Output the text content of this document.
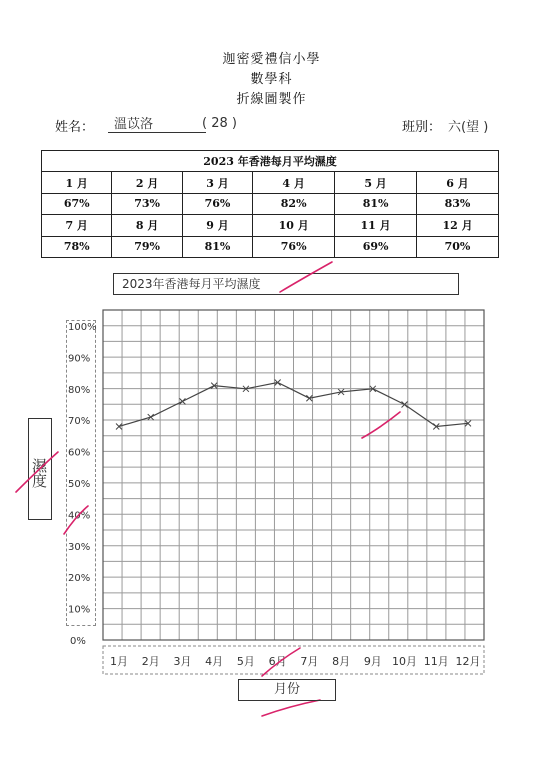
迦密愛禮信小學
數學科
折線圖製作
姓名：	溫苡洛	( 28 )	班別： 六(望 )
2023 年香港每月平均濕度					
1 月	2 月	3 月	4 月	5 月	6 月
67%	73%	76%	82%	81%	83%
7 月	8 月	9 月	10 月	11 月	12 月
78%	79%	81%	76%	69%	70%
2023年香港每月平均濕度
濕度
0%
10%
20%
30%
40%
50%
60%
70%
80%
90%
100%
1月 2月 3月 4月 5月 6月 7月 8月 9月 10月 11月 12月
月份
